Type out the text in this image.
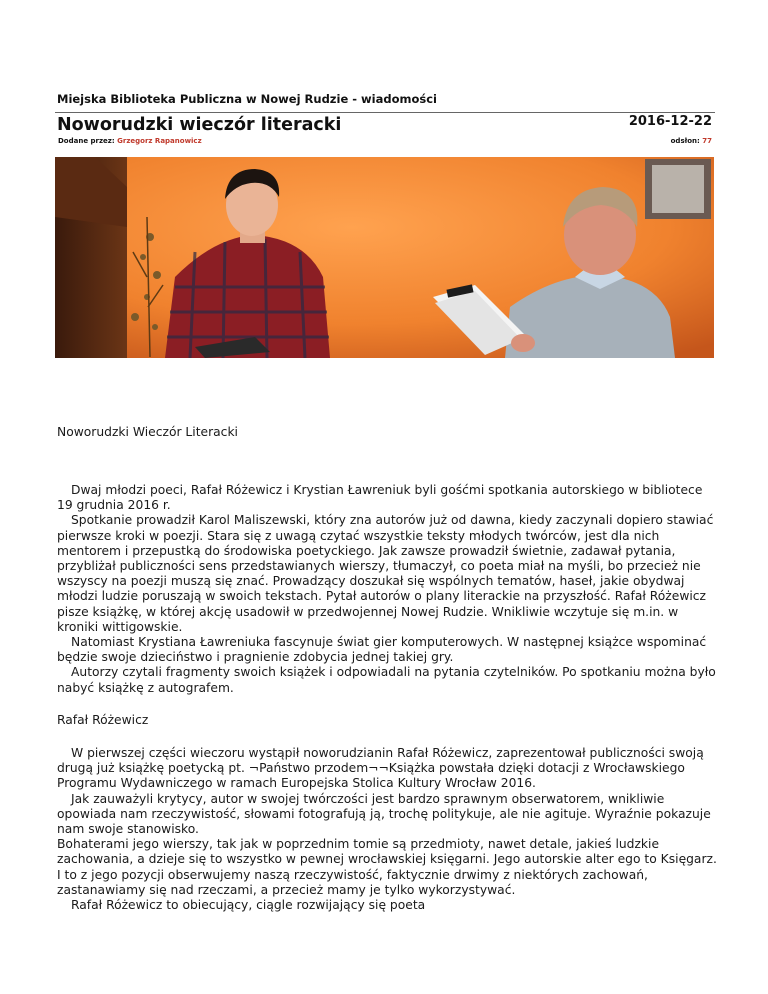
Miejska Biblioteka Publiczna w Nowej Rudzie - wiadomości
Noworudzki wieczór literacki	2016-12-22
Dodane przez: Grzegorz Rapanowicz	odsłon: 77
Noworudzki Wieczór Literacki

Dwaj młodzi poeci, Rafał Różewicz i Krystian Ławreniuk byli gośćmi spotkania autorskiego w bibliotece 19 grudnia 2016 r.

Spotkanie prowadził Karol Maliszewski, który zna autorów już od dawna, kiedy zaczynali dopiero stawiać pierwsze kroki w poezji. Stara się z uwagą czytać wszystkie teksty młodych twórców, jest dla nich mentorem i przepustką do środowiska poetyckiego. Jak zawsze prowadził świetnie, zadawał pytania, przybliżał publiczności sens przedstawianych wierszy, tłumaczył, co poeta miał na myśli, bo przecież nie wszyscy na poezji muszą się znać. Prowadzący doszukał się wspólnych tematów, haseł, jakie obydwaj młodzi ludzie poruszają w swoich tekstach. Pytał autorów o plany literackie na przyszłość. Rafał Różewicz pisze książkę, w której akcję usadowił w przedwojennej Nowej Rudzie. Wnikliwie wczytuje się m.in. w kroniki wittigowskie.

Natomiast Krystiana Ławreniuka fascynuje świat gier komputerowych. W następnej książce wspominać będzie swoje dzieciństwo i pragnienie zdobycia jednej takiej gry.

Autorzy czytali fragmenty swoich książek i odpowiadali na pytania czytelników. Po spotkaniu można było nabyć książkę z autografem.

Rafał Różewicz

W pierwszej części wieczoru wystąpił noworudzianin Rafał Różewicz, zaprezentował publiczności swoją drugą już książkę poetycką pt. ¬Państwo przodem¬¬Książka powstała dzięki dotacji z Wrocławskiego Programu Wydawniczego w ramach Europejska Stolica Kultury Wrocław 2016.

Jak zauważyli krytycy, autor w swojej twórczości jest bardzo sprawnym obserwatorem, wnikliwie opowiada nam rzeczywistość, słowami fotografują ją, trochę politykuje, ale nie agituje. Wyraźnie pokazuje nam swoje stanowisko.

Bohaterami jego wierszy, tak jak w poprzednim tomie są przedmioty, nawet detale, jakieś ludzkie zachowania, a dzieje się to wszystko w pewnej wrocławskiej księgarni. Jego autorskie alter ego to Księgarz. I to z jego pozycji obserwujemy naszą rzeczywistość, faktycznie drwimy z niektórych zachowań, zastanawiamy się nad rzeczami, a przecież mamy je tylko wykorzystywać.

Rafał Różewicz to obiecujący, ciągle rozwijający się poeta
